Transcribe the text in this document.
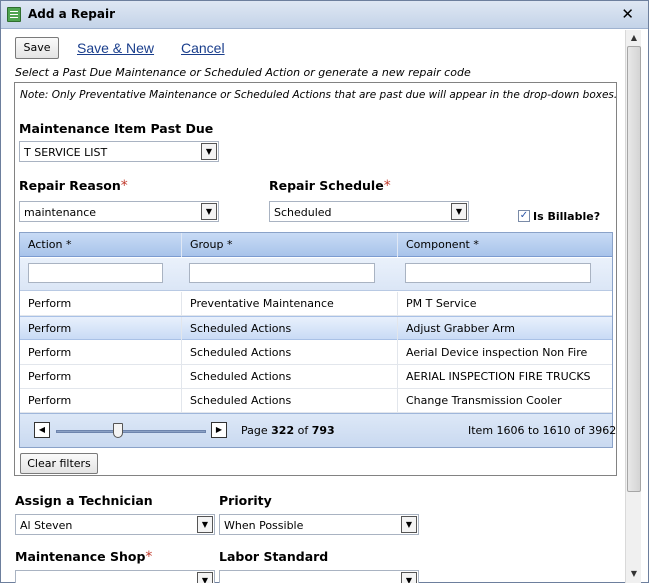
Add a Repair	✕
Save	Save & New Cancel
Select a Past Due Maintenance or Scheduled Action or generate a new repair code
Note: Only Preventative Maintenance or Scheduled Actions that are past due will appear in the drop-down boxes.
Maintenance Item Past Due
T SERVICE LIST	▼
Repair Reason*
maintenance	▼
Repair Schedule*
Scheduled	▼	✓ Is Billable?
Action *	Group *	Component *
Perform	Preventative Maintenance	PM T Service
Perform	Scheduled Actions	Adjust Grabber Arm
Perform	Scheduled Actions	Aerial Device inspection Non Fire
Perform	Scheduled Actions	AERIAL INSPECTION FIRE TRUCKS
Perform	Scheduled Actions	Change Transmission Cooler
◀	▶	Page 322 of 793	Item 1606 to 1610 of 3962
Clear filters
Assign a Technician
Al Steven	▼
Priority
When Possible	▼
Maintenance Shop*
▼
Labor Standard
▼
▲
▼
